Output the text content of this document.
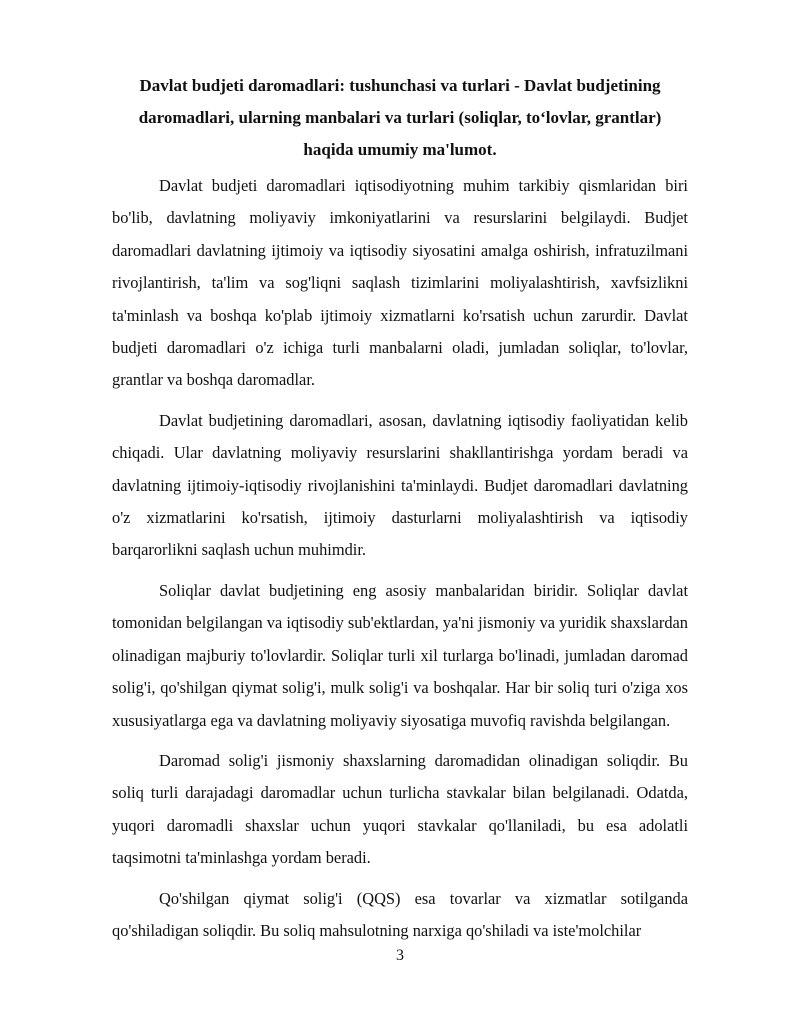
Davlat budjeti daromadlari: tushunchasi va turlari - Davlat budjetining daromadlari, ularning manbalari va turlari (soliqlar, to‘lovlar, grantlar) haqida umumiy ma'lumot.

Davlat budjeti daromadlari iqtisodiyotning muhim tarkibiy qismlaridan biri bo'lib, davlatning moliyaviy imkoniyatlarini va resurslarini belgilaydi. Budjet daromadlari davlatning ijtimoiy va iqtisodiy siyosatini amalga oshirish, infratuzilmani rivojlantirish, ta'lim va sog'liqni saqlash tizimlarini moliyalashtirish, xavfsizlikni ta'minlash va boshqa ko'plab ijtimoiy xizmatlarni ko'rsatish uchun zarurdir. Davlat budjeti daromadlari o'z ichiga turli manbalarni oladi, jumladan soliqlar, to'lovlar, grantlar va boshqa daromadlar.

Davlat budjetining daromadlari, asosan, davlatning iqtisodiy faoliyatidan kelib chiqadi. Ular davlatning moliyaviy resurslarini shakllantirishga yordam beradi va davlatning ijtimoiy-iqtisodiy rivojlanishini ta'minlaydi. Budjet daromadlari davlatning o'z xizmatlarini ko'rsatish, ijtimoiy dasturlarni moliyalashtirish va iqtisodiy barqarorlikni saqlash uchun muhimdir.

Soliqlar davlat budjetining eng asosiy manbalaridan biridir. Soliqlar davlat tomonidan belgilangan va iqtisodiy sub'ektlardan, ya'ni jismoniy va yuridik shaxslardan olinadigan majburiy to'lovlardir. Soliqlar turli xil turlarga bo'linadi, jumladan daromad solig'i, qo'shilgan qiymat solig'i, mulk solig'i va boshqalar. Har bir soliq turi o'ziga xos xususiyatlarga ega va davlatning moliyaviy siyosatiga muvofiq ravishda belgilangan.

Daromad solig'i jismoniy shaxslarning daromadidan olinadigan soliqdir. Bu soliq turli darajadagi daromadlar uchun turlicha stavkalar bilan belgilanadi. Odatda, yuqori daromadli shaxslar uchun yuqori stavkalar qo'llaniladi, bu esa adolatli taqsimotni ta'minlashga yordam beradi.

Qo'shilgan qiymat solig'i (QQS) esa tovarlar va xizmatlar sotilganda qo'shiladigan soliqdir. Bu soliq mahsulotning narxiga qo'shiladi va iste'molchilar

3
